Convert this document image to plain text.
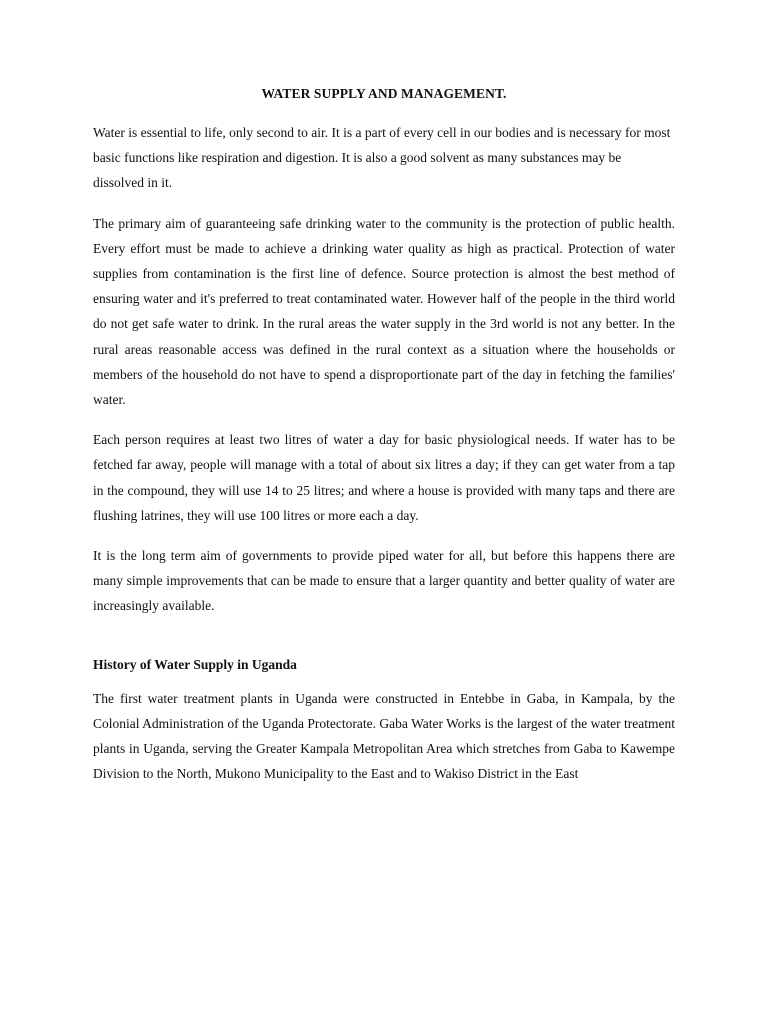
WATER SUPPLY AND MANAGEMENT.

Water is essential to life, only second to air. It is a part of every cell in our bodies and is necessary for most basic functions like respiration and digestion. It is also a good solvent as many substances may be dissolved in it.

The primary aim of guaranteeing safe drinking water to the community is the protection of public health. Every effort must be made to achieve a drinking water quality as high as practical. Protection of water supplies from contamination is the first line of defence. Source protection is almost the best method of ensuring water and it's preferred to treat contaminated water. However half of the people in the third world do not get safe water to drink. In the rural areas the water supply in the 3rd world is not any better. In the rural areas reasonable access was defined in the rural context as a situation where the households or members of the household do not have to spend a disproportionate part of the day in fetching the families' water.

Each person requires at least two litres of water a day for basic physiological needs. If water has to be fetched far away, people will manage with a total of about six litres a day; if they can get water from a tap in the compound, they will use 14 to 25 litres; and where a house is provided with many taps and there are flushing latrines, they will use 100 litres or more each a day.

It is the long term aim of governments to provide piped water for all, but before this happens there are many simple improvements that can be made to ensure that a larger quantity and better quality of water are increasingly available.

History of Water Supply in Uganda

The first water treatment plants in Uganda were constructed in Entebbe in Gaba, in Kampala, by the Colonial Administration of the Uganda Protectorate. Gaba Water Works is the largest of the water treatment plants in Uganda, serving the Greater Kampala Metropolitan Area which stretches from Gaba to Kawempe Division to the North, Mukono Municipality to the East and to Wakiso District in the East
